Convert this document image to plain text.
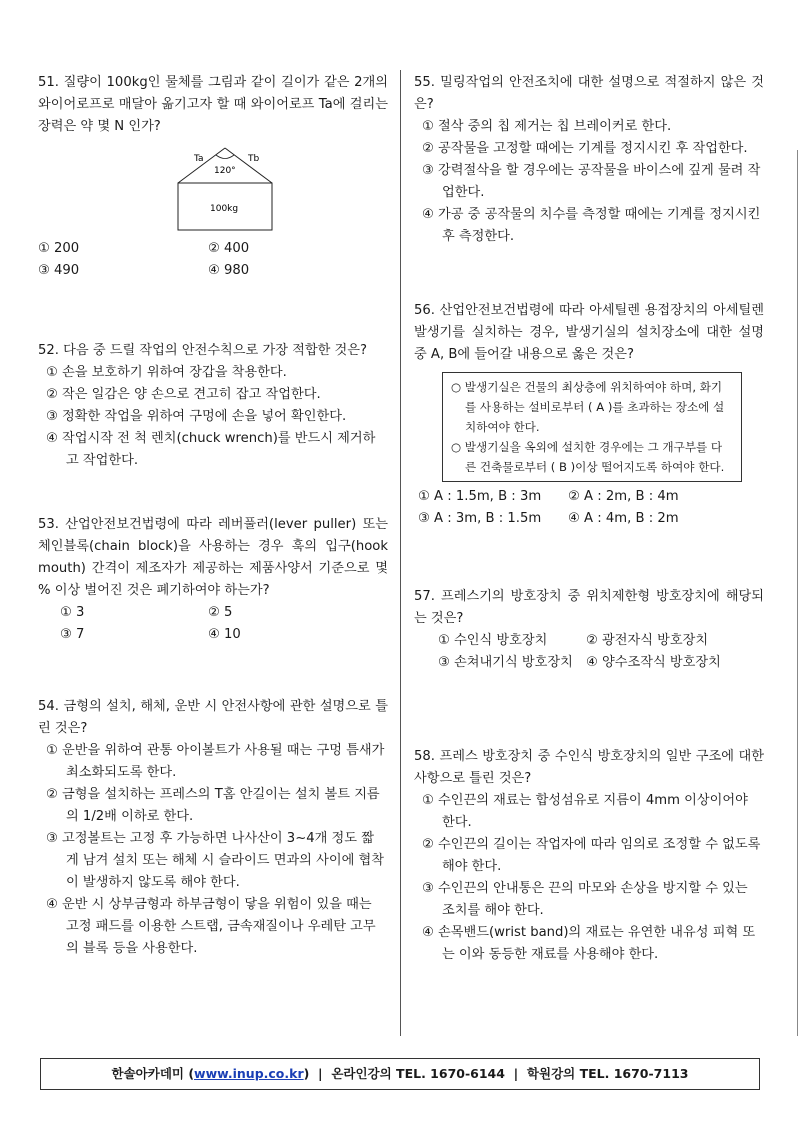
51. 질량이 100kg인 물체를 그림과 같이 길이가 같은 2개의 와이어로프로 매달아 옮기고자 할 때 와이어로프 Ta에 걸리는 장력은 약 몇 N 인가?
Ta	Tb
120°
100kg
① 200	② 400
③ 490	④ 980
52. 다음 중 드릴 작업의 안전수칙으로 가장 적합한 것은?
① 손을 보호하기 위하여 장갑을 착용한다.
② 작은 일감은 양 손으로 견고히 잡고 작업한다.
③ 정확한 작업을 위하여 구멍에 손을 넣어 확인한다.
④ 작업시작 전 척 렌치(chuck wrench)를 반드시 제거하고 작업한다.
53. 산업안전보건법령에 따라 레버풀러(lever puller) 또는 체인블록(chain block)을 사용하는 경우 훅의 입구(hook mouth) 간격이 제조자가 제공하는 제품사양서 기준으로 몇 % 이상 벌어진 것은 폐기하여야 하는가?
① 3	② 5
③ 7	④ 10
54. 금형의 설치, 해체, 운반 시 안전사항에 관한 설명으로 틀린 것은?
① 운반을 위하여 관통 아이볼트가 사용될 때는 구멍 틈새가 최소화되도록 한다.
② 금형을 설치하는 프레스의 T홈 안길이는 설치 볼트 지름의 1/2배 이하로 한다.
③ 고정볼트는 고정 후 가능하면 나사산이 3~4개 정도 짧게 남겨 설치 또는 해체 시 슬라이드 면과의 사이에 협착이 발생하지 않도록 해야 한다.
④ 운반 시 상부금형과 하부금형이 닿을 위험이 있을 때는 고정 패드를 이용한 스트랩, 금속재질이나 우레탄 고무의 블록 등을 사용한다.
55. 밀링작업의 안전조치에 대한 설명으로 적절하지 않은 것은?
① 절삭 중의 칩 제거는 칩 브레이커로 한다.
② 공작물을 고정할 때에는 기계를 정지시킨 후 작업한다.
③ 강력절삭을 할 경우에는 공작물을 바이스에 깊게 물려 작업한다.
④ 가공 중 공작물의 치수를 측정할 때에는 기계를 정지시킨 후 측정한다.
56. 산업안전보건법령에 따라 아세틸렌 용접장치의 아세틸렌 발생기를 실치하는 경우, 발생기실의 설치장소에 대한 설명 중 A, B에 들어갈 내용으로 옳은 것은?
○ 발생기실은 건물의 최상층에 위치하여야 하며, 화기를 사용하는 설비로부터 ( A )를 초과하는 장소에 설치하여야 한다.
○ 발생기실을 옥외에 설치한 경우에는 그 개구부를 다른 건축물로부터 ( B )이상 떨어지도록 하여야 한다.
① A : 1.5m, B : 3m	② A : 2m, B : 4m
③ A : 3m, B : 1.5m	④ A : 4m, B : 2m
57. 프레스기의 방호장치 중 위치제한형 방호장치에 해당되는 것은?
① 수인식 방호장치	② 광전자식 방호장치
③ 손쳐내기식 방호장치 ④ 양수조작식 방호장치
58. 프레스 방호장치 중 수인식 방호장치의 일반 구조에 대한 사항으로 틀린 것은?
① 수인끈의 재료는 합성섬유로 지름이 4mm 이상이어야 한다.
② 수인끈의 길이는 작업자에 따라 임의로 조정할 수 없도록 해야 한다.
③ 수인끈의 안내통은 끈의 마모와 손상을 방지할 수 있는 조치를 해야 한다.
④ 손목밴드(wrist band)의 재료는 유연한 내유성 피혁 또는 이와 동등한 재료를 사용해야 한다.
한솔아카데미 (www.inup.co.kr)  |  온라인강의 TEL. 1670-6144  |  학원강의 TEL. 1670-7113
